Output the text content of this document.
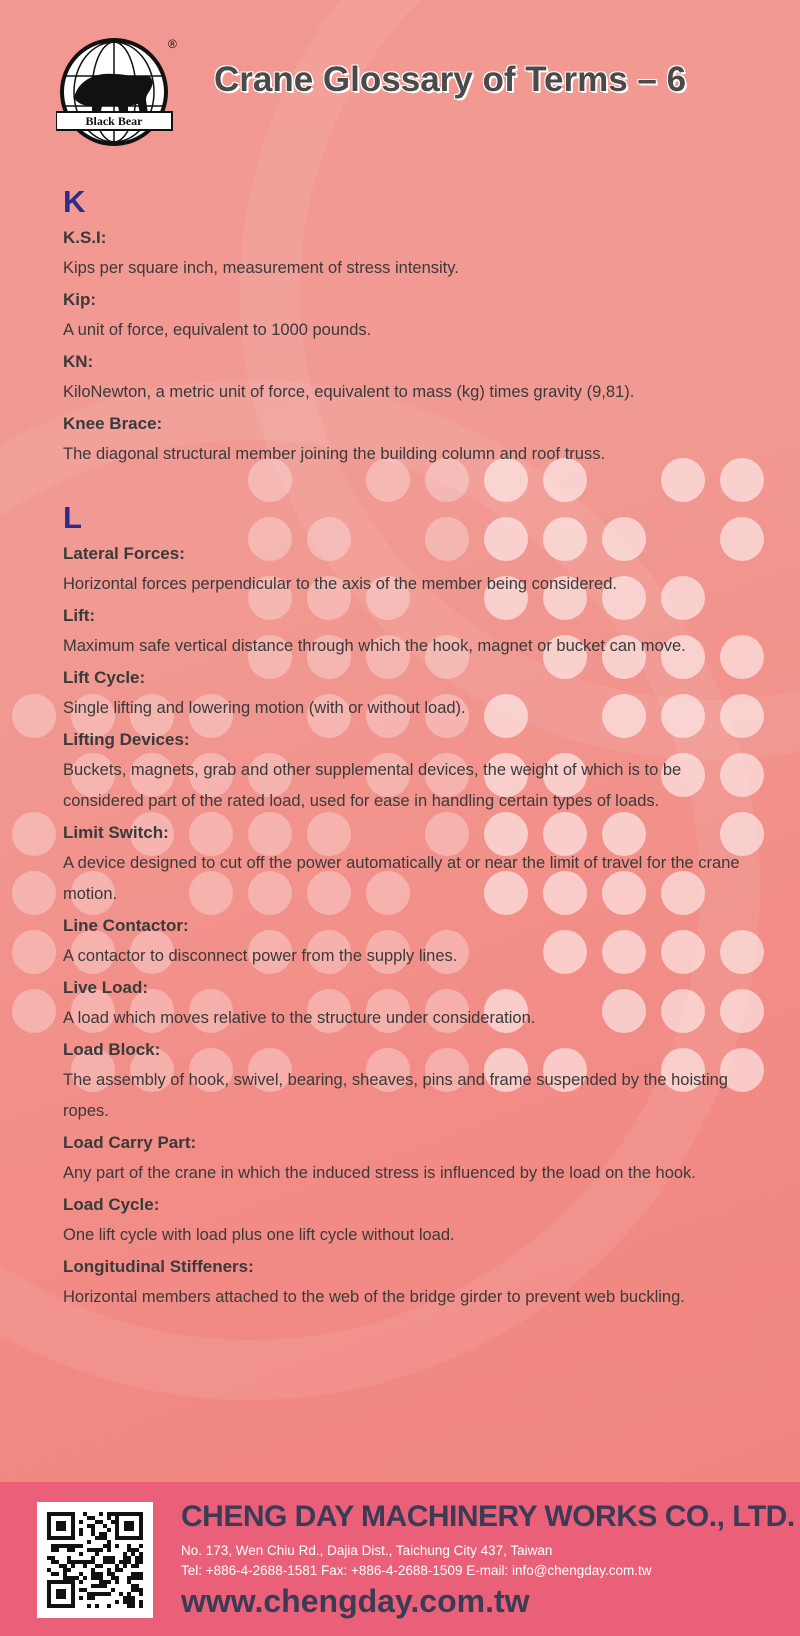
Black Bear
®
Crane Glossary of Terms – 6
K
K.S.I:
Kips per square inch, measurement of stress intensity.
Kip:
A unit of force, equivalent to 1000 pounds.
KN:
KiloNewton, a metric unit of force, equivalent to mass (kg) times gravity (9,81).
Knee Brace:
The diagonal structural member joining the building column and roof truss.
L
Lateral Forces:
Horizontal forces perpendicular to the axis of the member being considered.
Lift:
Maximum safe vertical distance through which the hook, magnet or bucket can move.
Lift Cycle:
Single lifting and lowering motion (with or without load).
Lifting Devices:
Buckets, magnets, grab and other supplemental devices, the weight of which is to be considered part of the rated load, used for ease in handling certain types of loads.
Limit Switch:
A device designed to cut off the power automatically at or near the limit of travel for the crane motion.
Line Contactor:
A contactor to disconnect power from the supply lines.
Live Load:
A load which moves relative to the structure under consideration.
Load Block:
The assembly of hook, swivel, bearing, sheaves, pins and frame suspended by the hoisting ropes.
Load Carry Part:
Any part of the crane in which the induced stress is influenced by the load on the hook.
Load Cycle:
One lift cycle with load plus one lift cycle without load.
Longitudinal Stiffeners:
Horizontal members attached to the web of the bridge girder to prevent web buckling.
CHENG DAY MACHINERY WORKS CO., LTD.
No. 173, Wen Chiu Rd., Dajia Dist., Taichung City 437, Taiwan
Tel: +886-4-2688-1581 Fax: +886-4-2688-1509 E-mail: info@chengday.com.tw
www.chengday.com.tw
